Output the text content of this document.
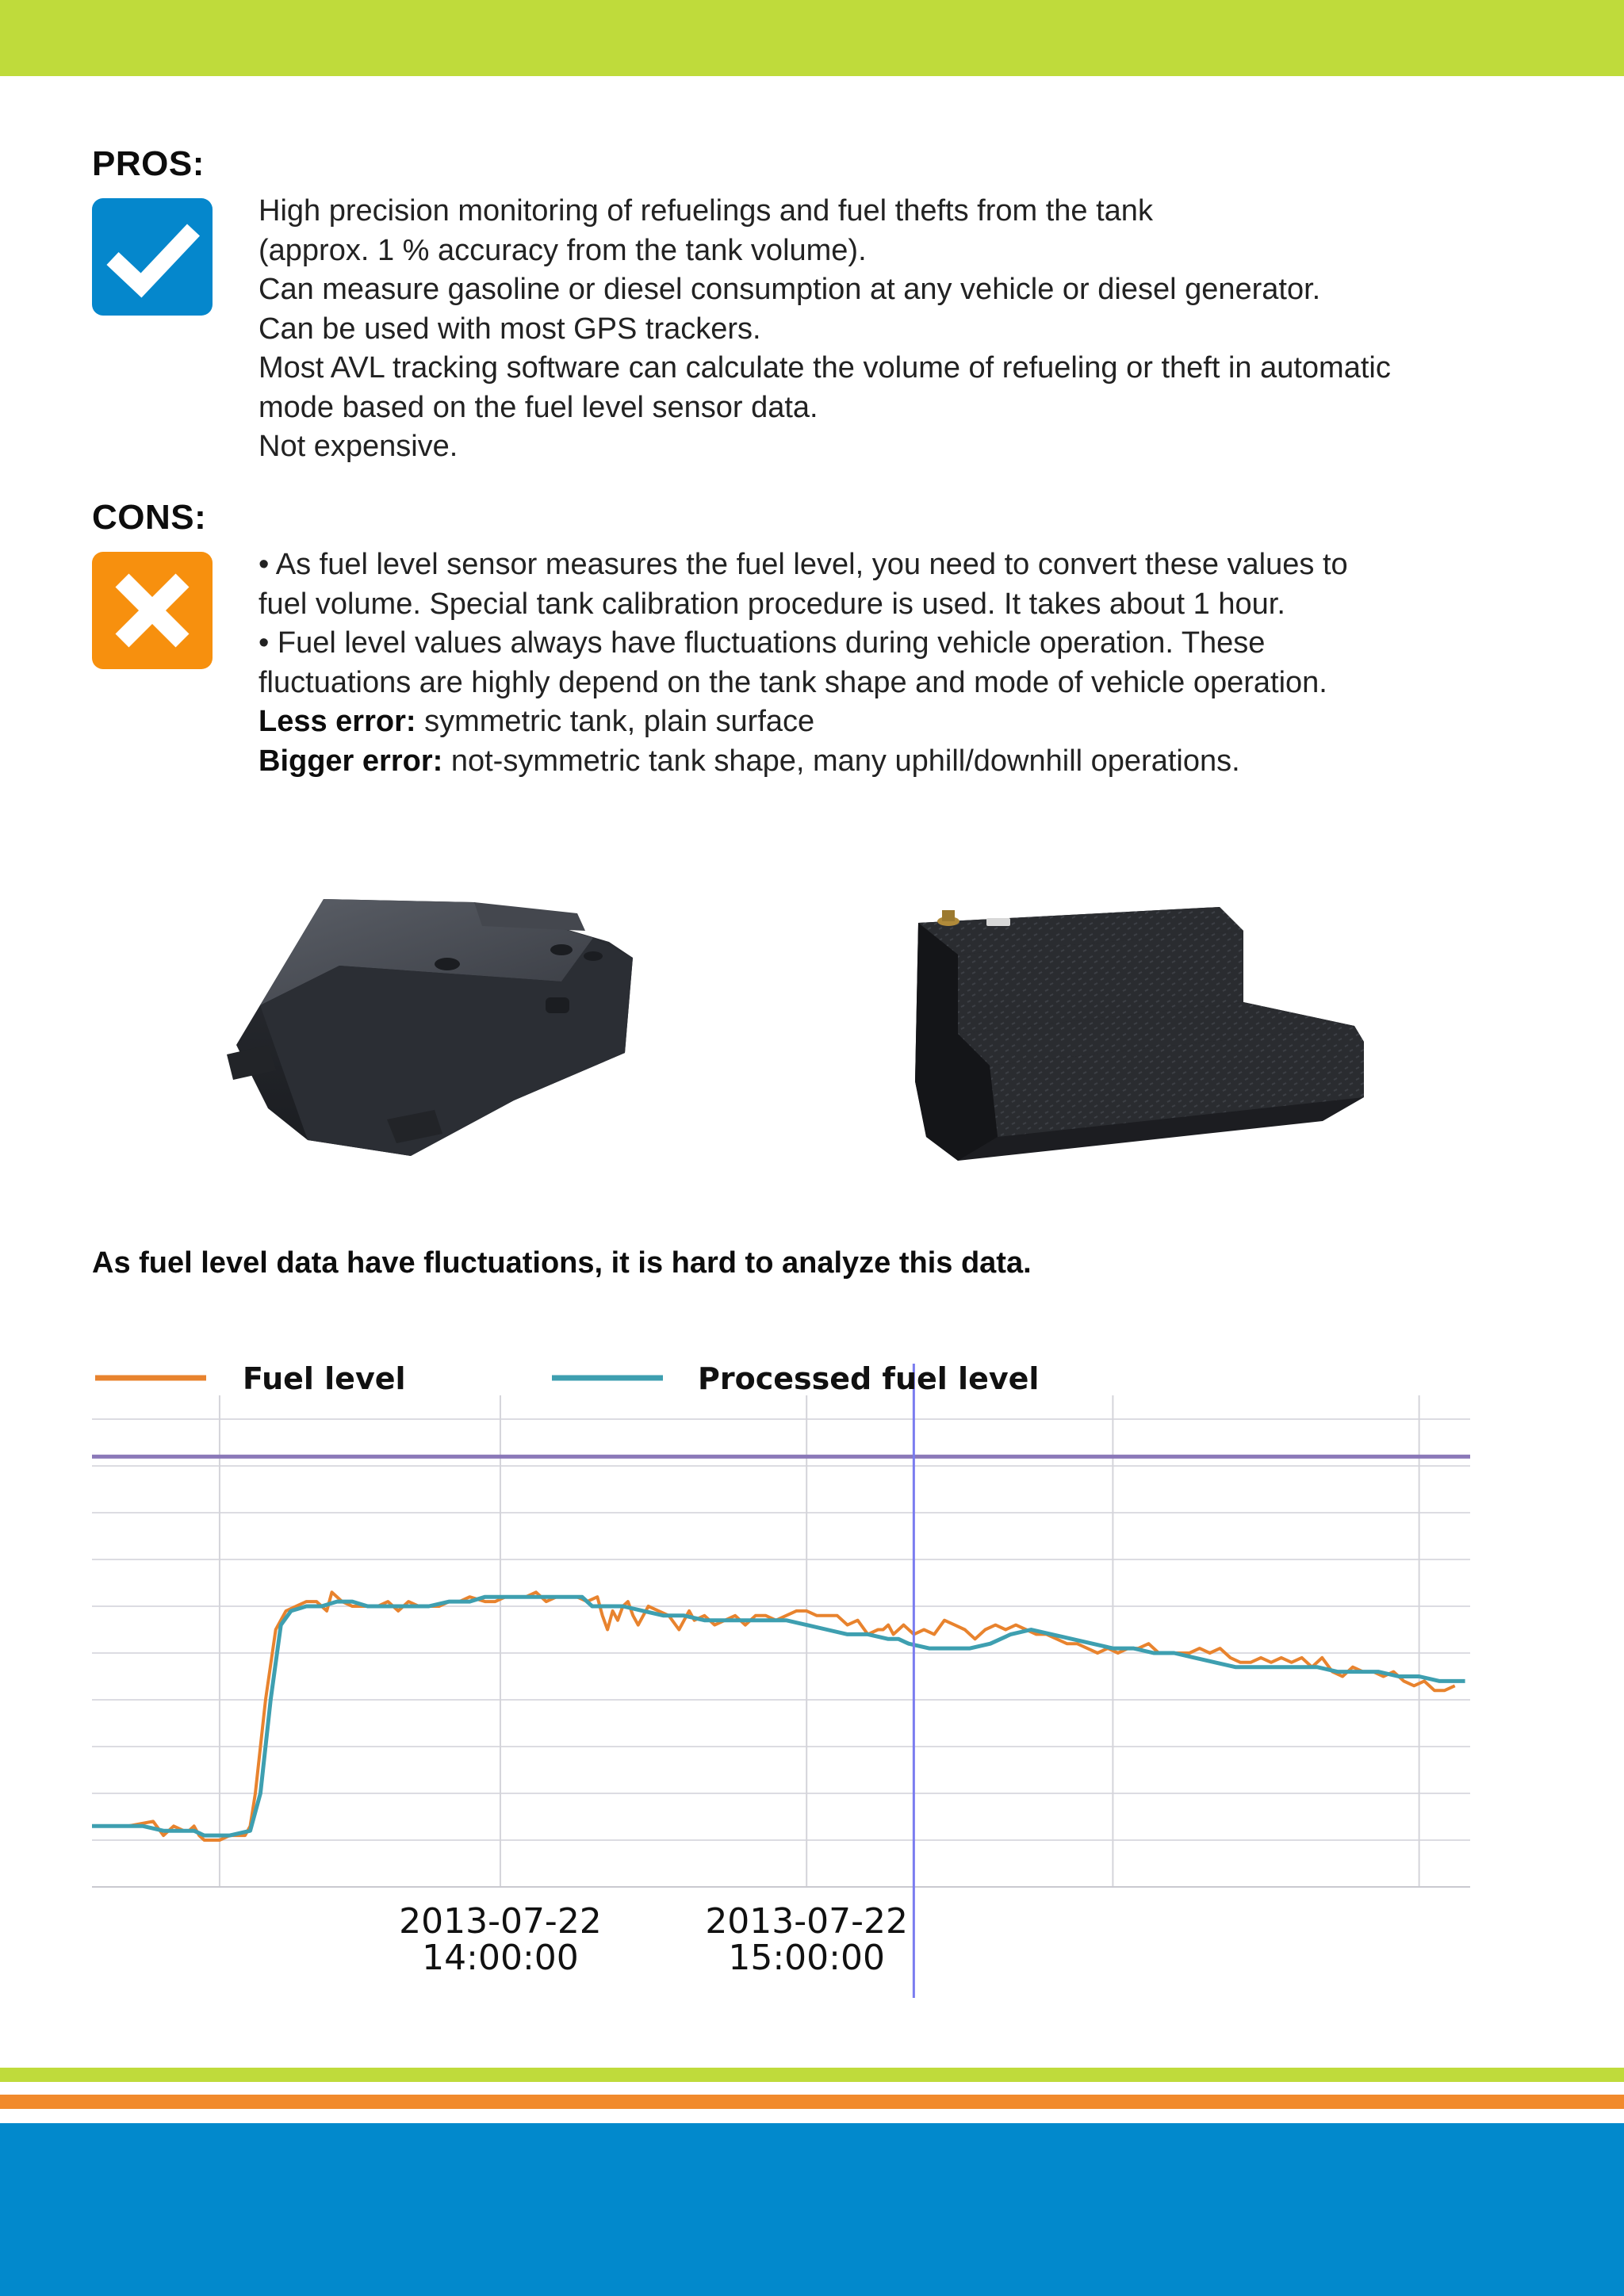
PROS:

High precision monitoring of refuelings and fuel thefts from the tank

(approx. 1 % accuracy from the tank volume).

Can measure gasoline or diesel consumption at any vehicle or diesel generator.

Can be used with most GPS trackers.

Most AVL tracking software can calculate the volume of refueling or theft in automatic

mode based on the fuel level sensor data.

Not expensive.

CONS:

• As fuel level sensor measures the fuel level, you need to convert these values to

fuel volume. Special tank calibration procedure is used. It takes about 1 hour.

• Fuel level values always have fluctuations during vehicle operation. These

fluctuations are highly depend on the tank shape and mode of vehicle operation.

Less error: symmetric tank, plain surface

Bigger error: not-symmetric tank shape, many uphill/downhill operations.

As fuel level data have fluctuations, it is hard to analyze this data.
Fuel level	Processed fuel level
2013-07-22
14:00:00
2013-07-22
15:00:00
